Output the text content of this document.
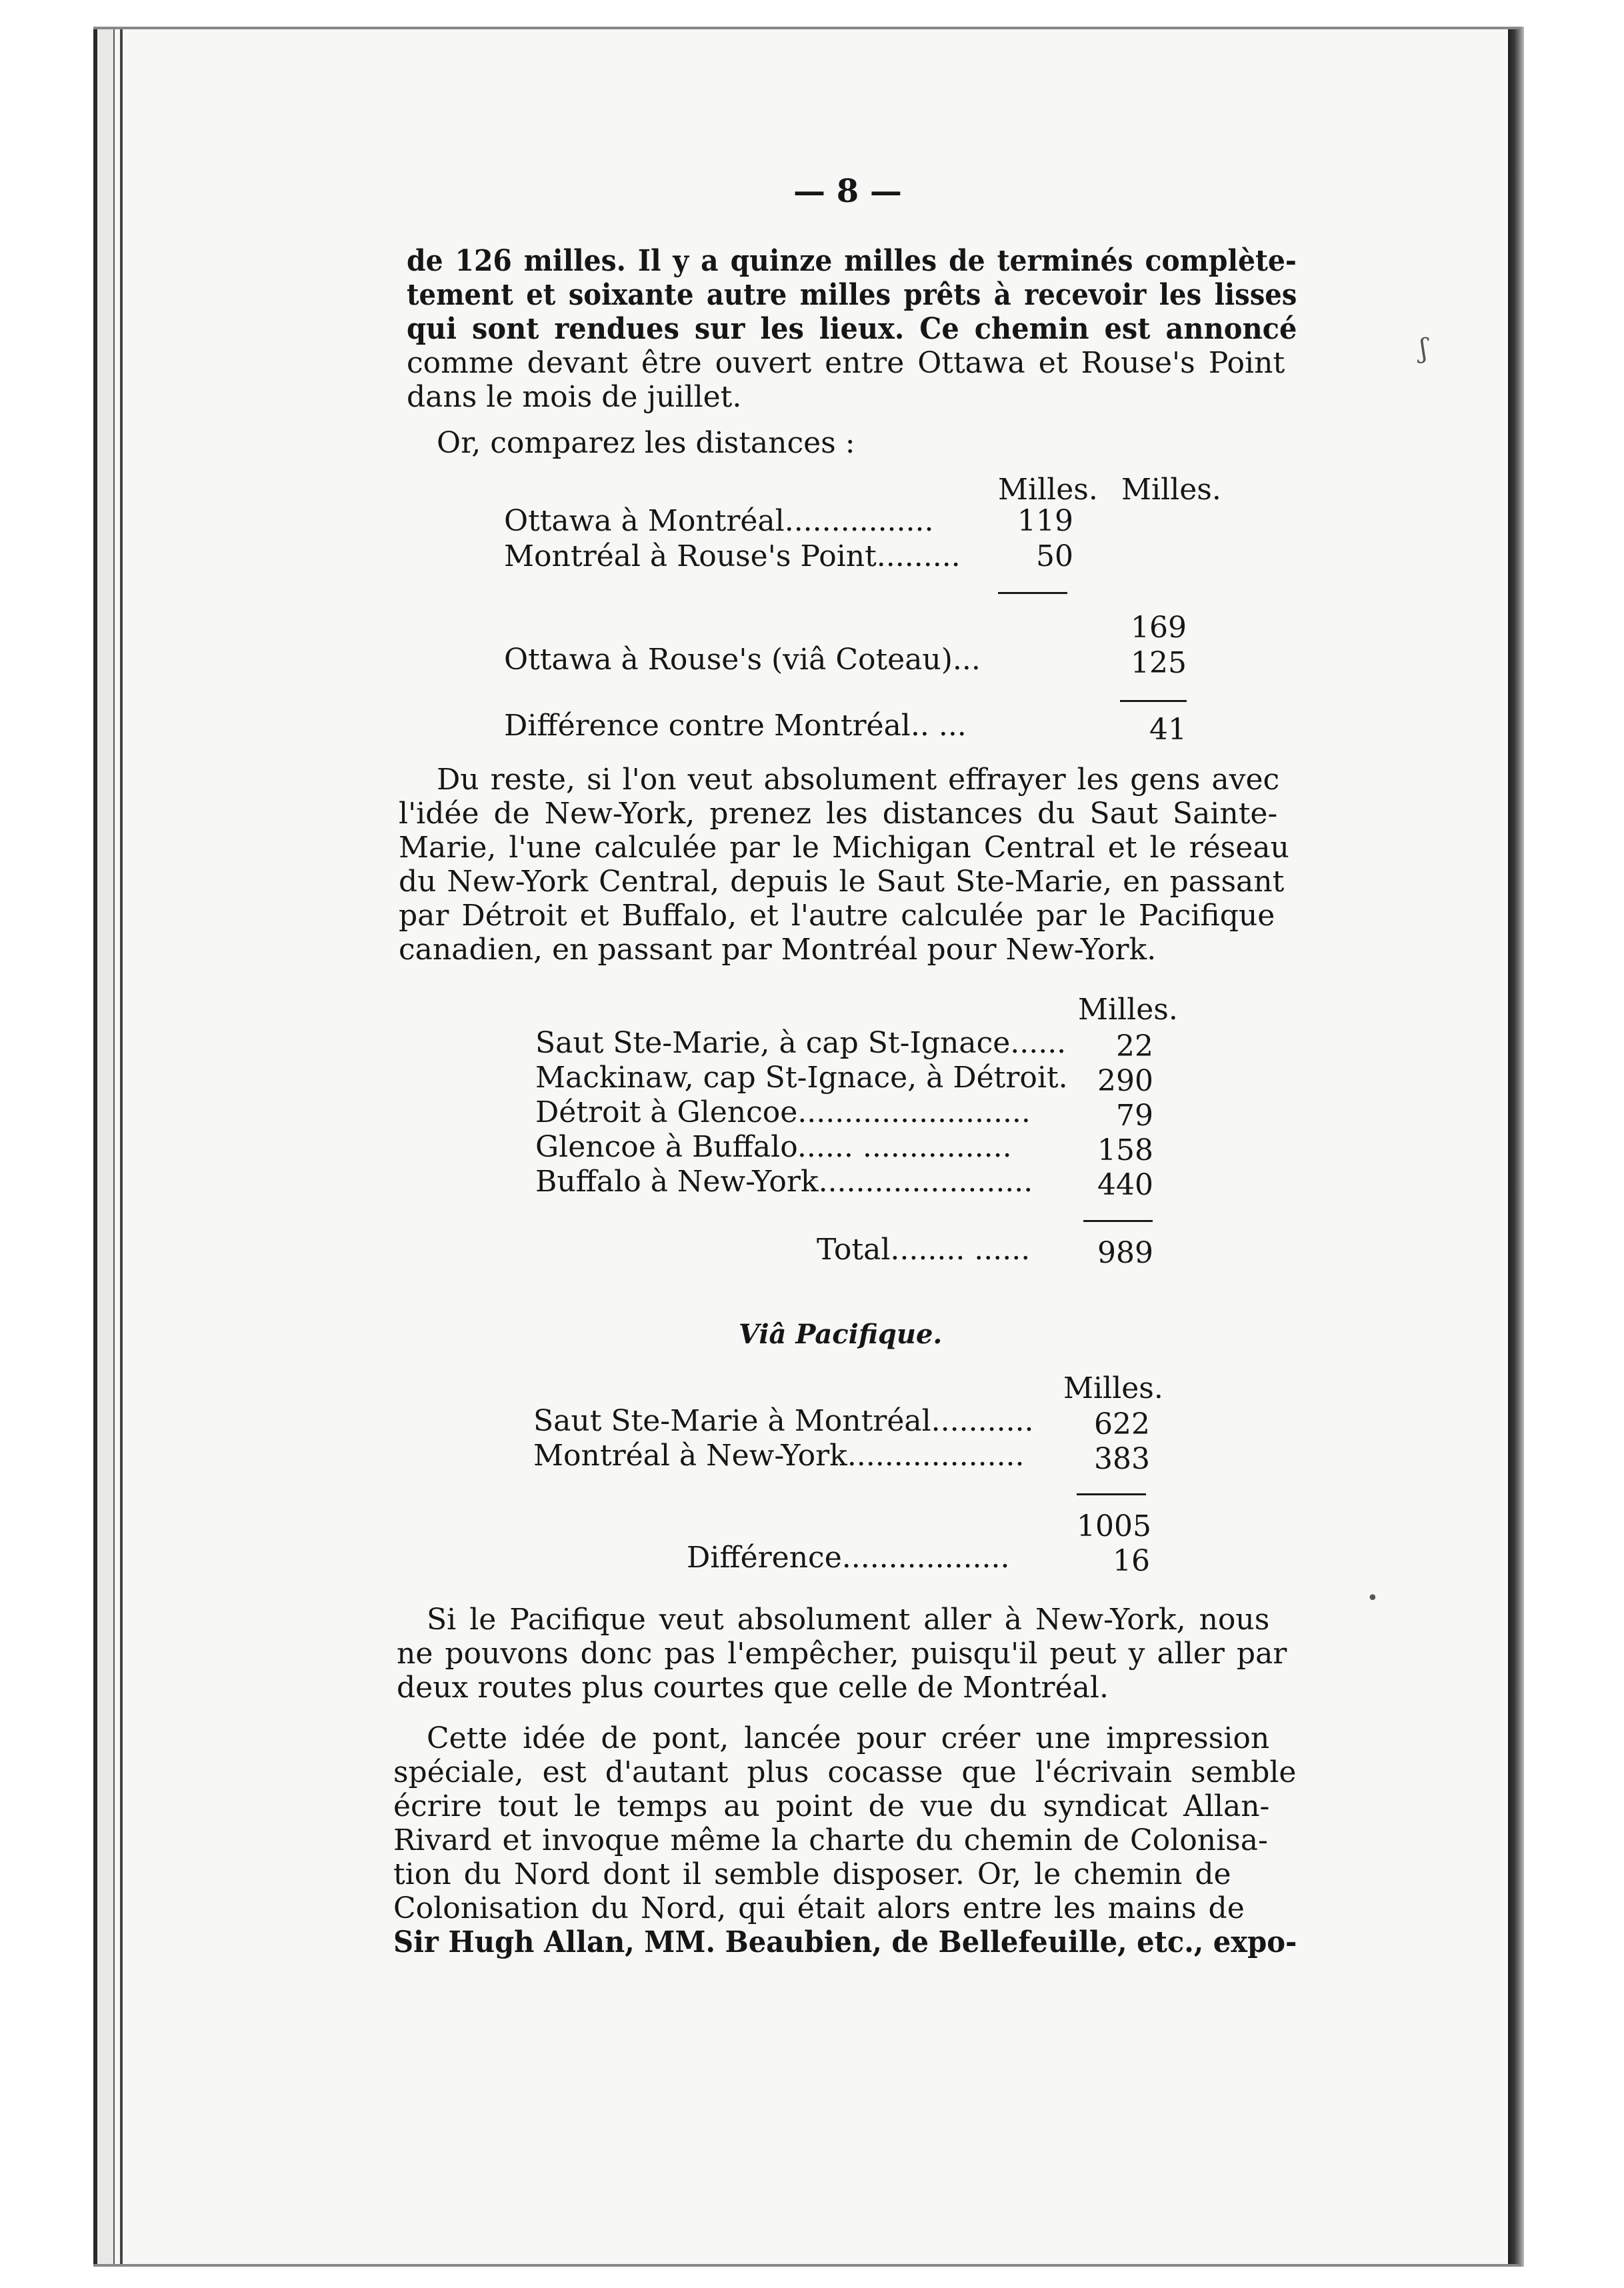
ʃ
•
— 8 —
de 126 milles. Il y a quinze milles de terminés complète-
tement et soixante autre milles prêts à recevoir les lisses
qui sont rendues sur les lieux. Ce chemin est annoncé
comme devant être ouvert entre Ottawa et Rouse's Point
dans le mois de juillet.
Or, comparez les distances :
Milles. Milles.
Ottawa à Montréal................	119
Montréal à Rouse's Point.........	50
169
Ottawa à Rouse's (viâ Coteau)...	125
Différence contre Montréal.. ...	41
Du reste, si l'on veut absolument effrayer les gens avec
l'idée de New-York, prenez les distances du Saut Sainte-
Marie, l'une calculée par le Michigan Central et le réseau
du New-York Central, depuis le Saut Ste-Marie, en passant
par Détroit et Buffalo, et l'autre calculée par le Pacifique
canadien, en passant par Montréal pour New-York.
Milles.
Saut Ste-Marie, à cap St-Ignace......	22
Mackinaw, cap St-Ignace, à Détroit.	290
Détroit à Glencoe.........................	79
Glencoe à Buffalo...... ................	158
Buffalo à New-York.......................	440
Total........ ......	989
Viâ Pacifique.
Milles.
Saut Ste-Marie à Montréal...........	622
Montréal à New-York...................	383
1005
Différence..................	16
Si le Pacifique veut absolument aller à New-York, nous
ne pouvons donc pas l'empêcher, puisqu'il peut y aller par
deux routes plus courtes que celle de Montréal.
Cette idée de pont, lancée pour créer une impression
spéciale, est d'autant plus cocasse que l'écrivain semble
écrire tout le temps au point de vue du syndicat Allan-
Rivard et invoque même la charte du chemin de Colonisa-
tion du Nord dont il semble disposer. Or, le chemin de
Colonisation du Nord, qui était alors entre les mains de
Sir Hugh Allan, MM. Beaubien, de Bellefeuille, etc., expo-
